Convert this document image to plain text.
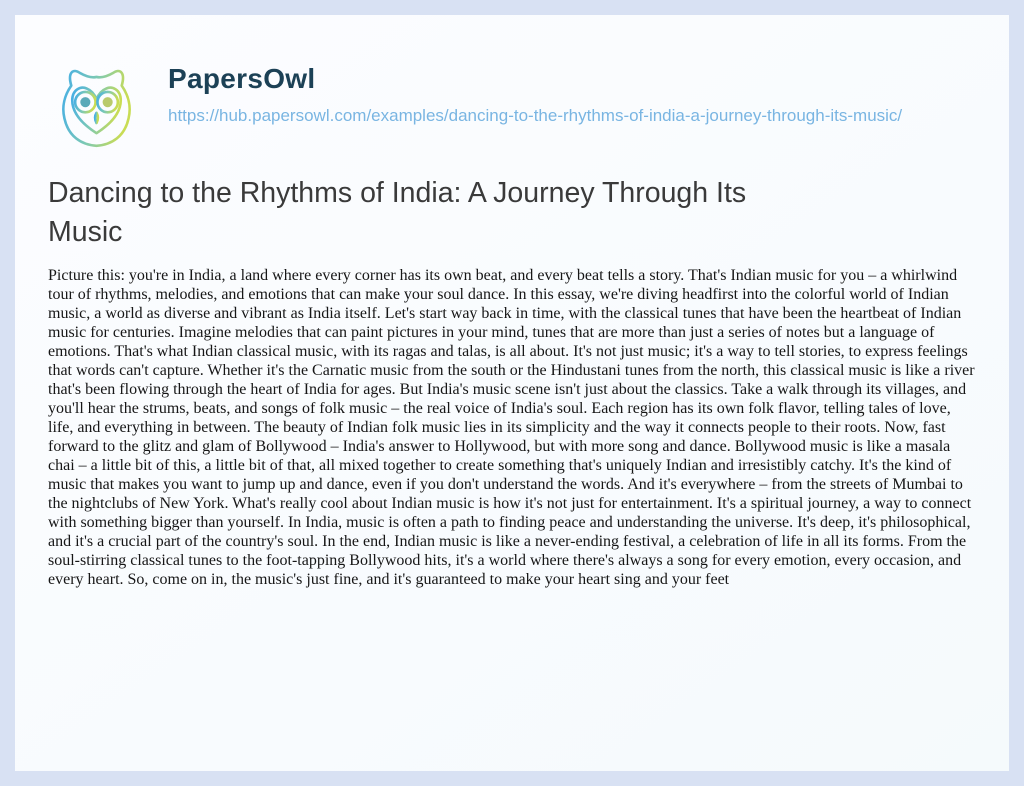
PapersOwl
https://hub.papersowl.com/examples/dancing-to-the-rhythms-of-india-a-journey-through-its-music/
Dancing to the Rhythms of India: A Journey Through Its Music

Picture this: you're in India, a land where every corner has its own beat, and every beat tells a story. That's Indian music for you – a whirlwind tour of rhythms, melodies, and emotions that can make your soul dance. In this essay, we're diving headfirst into the colorful world of Indian music, a world as diverse and vibrant as India itself. Let's start way back in time, with the classical tunes that have been the heartbeat of Indian music for centuries. Imagine melodies that can paint pictures in your mind, tunes that are more than just a series of notes but a language of emotions. That's what Indian classical music, with its ragas and talas, is all about. It's not just music; it's a way to tell stories, to express feelings that words can't capture. Whether it's the Carnatic music from the south or the Hindustani tunes from the north, this classical music is like a river that's been flowing through the heart of India for ages. But India's music scene isn't just about the classics. Take a walk through its villages, and you'll hear the strums, beats, and songs of folk music – the real voice of India's soul. Each region has its own folk flavor, telling tales of love, life, and everything in between. The beauty of Indian folk music lies in its simplicity and the way it connects people to their roots. Now, fast forward to the glitz and glam of Bollywood – India's answer to Hollywood, but with more song and dance. Bollywood music is like a masala chai – a little bit of this, a little bit of that, all mixed together to create something that's uniquely Indian and irresistibly catchy. It's the kind of music that makes you want to jump up and dance, even if you don't understand the words. And it's everywhere – from the streets of Mumbai to the nightclubs of New York. What's really cool about Indian music is how it's not just for entertainment. It's a spiritual journey, a way to connect with something bigger than yourself. In India, music is often a path to finding peace and understanding the universe. It's deep, it's philosophical, and it's a crucial part of the country's soul. In the end, Indian music is like a never-ending festival, a celebration of life in all its forms. From the soul-stirring classical tunes to the foot-tapping Bollywood hits, it's a world where there's always a song for every emotion, every occasion, and every heart. So, come on in, the music's just fine, and it's guaranteed to make your heart sing and your feet
